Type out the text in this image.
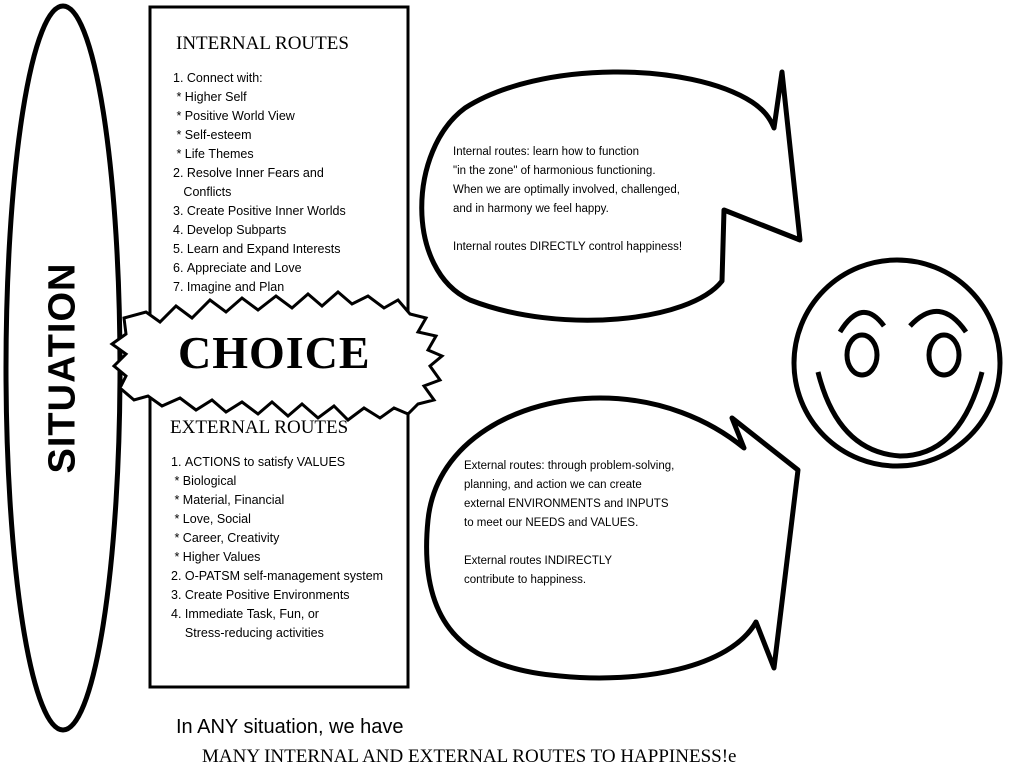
SITUATION
INTERNAL ROUTES
1. Connect with:
* Higher Self
* Positive World View
* Self-esteem
* Life Themes
2. Resolve Inner Fears and
Conflicts
3. Create Positive Inner Worlds
4. Develop Subparts
5. Learn and Expand Interests
6. Appreciate and Love
7. Imagine and Plan
CHOICE
EXTERNAL ROUTES
1. ACTIONS to satisfy VALUES
* Biological
* Material, Financial
* Love, Social
* Career, Creativity
* Higher Values
2. O-PATSM self-management system
3. Create Positive Environments
4. Immediate Task, Fun, or
Stress-reducing activities
Internal routes: learn how to function
"in the zone" of harmonious functioning.
When we are optimally involved, challenged,
and in harmony we feel happy.

Internal routes DIRECTLY control happiness!
External routes: through problem-solving,
planning, and action we can create
external ENVIRONMENTS and INPUTS
to meet our NEEDS and VALUES.

External routes INDIRECTLY
contribute to happiness.
In ANY situation, we have
MANY INTERNAL AND EXTERNAL ROUTES TO HAPPINESS!e
